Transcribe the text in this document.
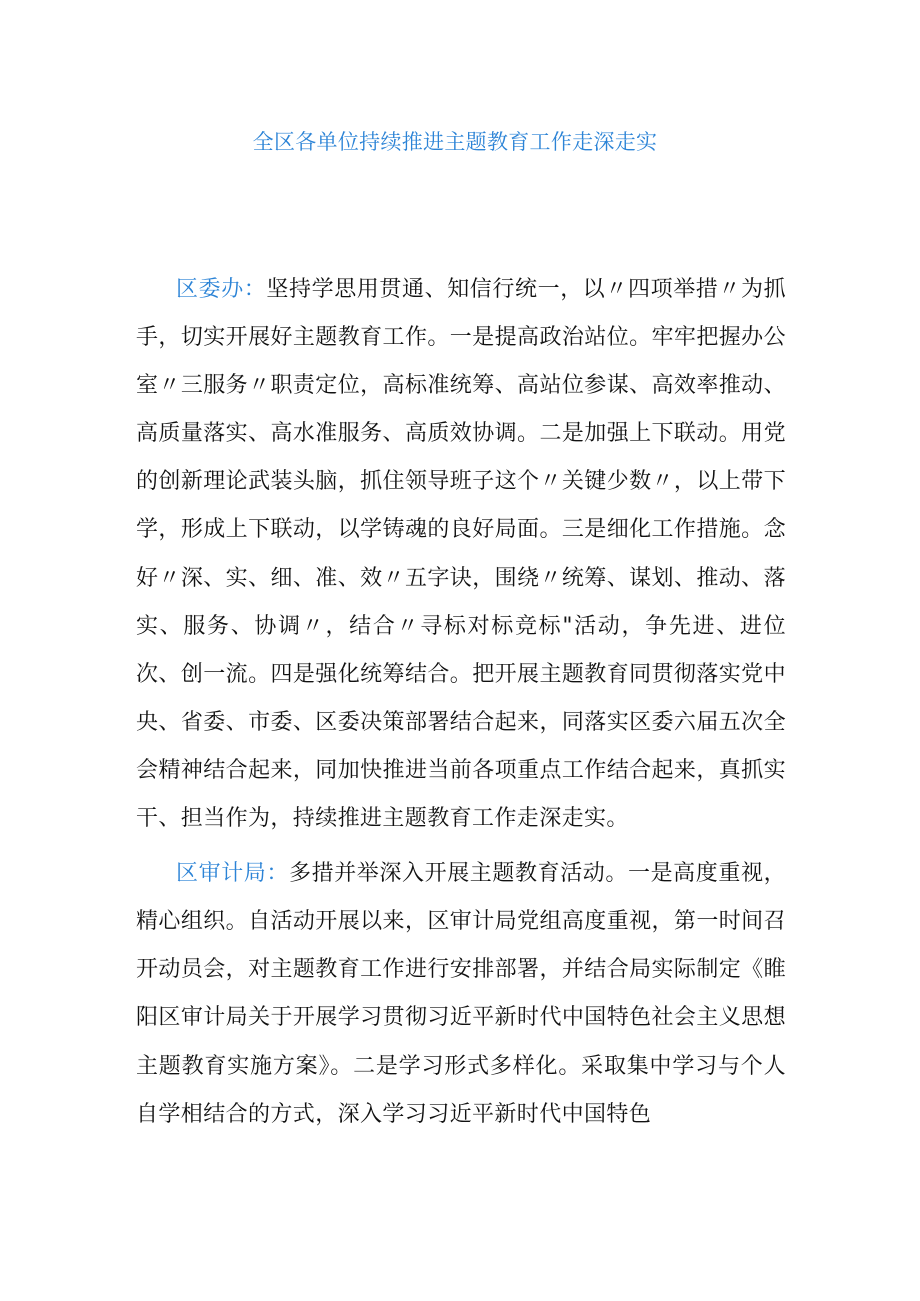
全区各单位持续推进主题教育工作走深走实

区委办：坚持学思用贯通、知信行统一，以〃四项举措〃为抓手，切实开展好主题教育工作。一是提高政治站位。牢牢把握办公室〃三服务〃职责定位，高标准统筹、高站位参谋、高效率推动、高质量落实、高水准服务、高质效协调。二是加强上下联动。用党的创新理论武装头脑，抓住领导班子这个〃关键少数〃，以上带下学，形成上下联动，以学铸魂的良好局面。三是细化工作措施。念好〃深、实、细、准、效〃五字诀，围绕〃统筹、谋划、推动、落实、服务、协调〃，结合〃寻标对标竞标"活动，争先进、进位次、创一流。四是强化统筹结合。把开展主题教育同贯彻落实党中央、省委、市委、区委决策部署结合起来，同落实区委六届五次全会精神结合起来，同加快推进当前各项重点工作结合起来，真抓实干、担当作为，持续推进主题教育工作走深走实。

区审计局：多措并举深入开展主题教育活动。一是高度重视，精心组织。自活动开展以来，区审计局党组高度重视，第一时间召开动员会，对主题教育工作进行安排部署，并结合局实际制定《睢阳区审计局关于开展学习贯彻习近平新时代中国特色社会主义思想主题教育实施方案》。二是学习形式多样化。采取集中学习与个人自学相结合的方式，深入学习习近平新时代中国特色
